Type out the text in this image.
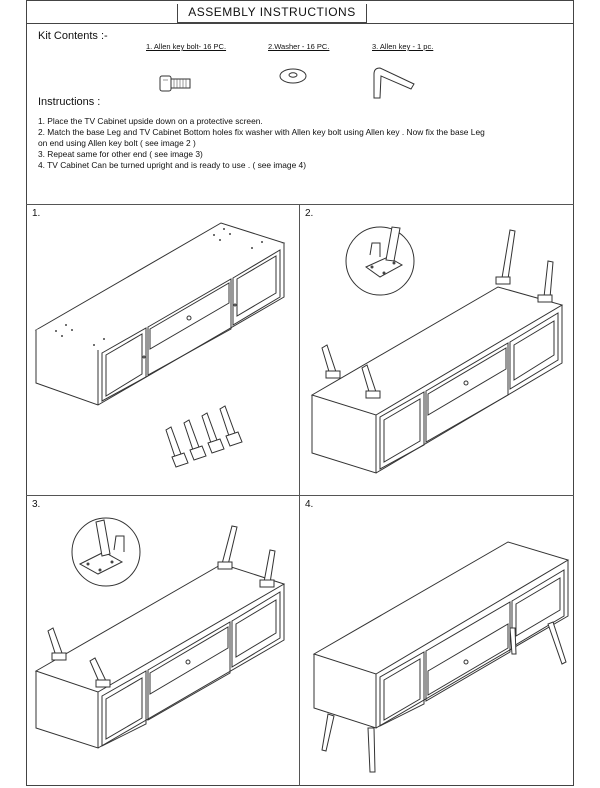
ASSEMBLY INSTRUCTIONS
Kit Contents :-
1. Allen key bolt- 16 PC.	2.Washer - 16 PC.	3. Allen key - 1 pc.
Instructions :
1. Place the TV Cabinet upside down on a protective screen.
2. Match the base Leg and TV Cabinet Bottom holes fix washer with Allen key bolt using Allen key . Now fix the base Leg
on end using Allen key bolt ( see image 2 )
3. Repeat same for other end ( see image 3)
4. TV Cabinet Can be turned upright and is ready to use . ( see image 4)
1.	2.
3.	4.
